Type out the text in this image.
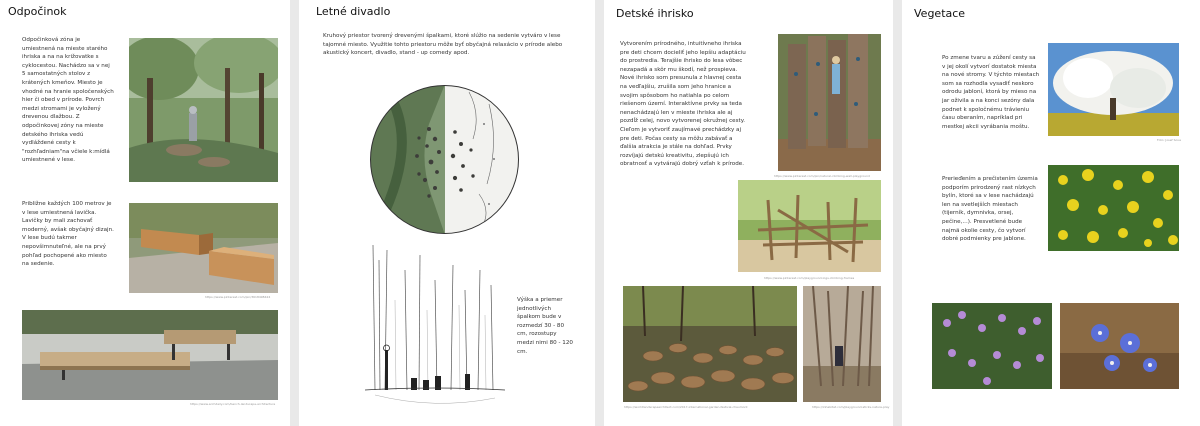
Odpočinok
Odpočinková zóna je umiestnená na mieste starého ihriska a na na križovatke s cyklocestou. Nachádzo sa v nej 5 samostatných stolov z krátených kmeňov. Miesto je vhodné na hranie spoločenských hier či obed v prírode. Povrch medzi stromami je vyložený drevenou dlažbou. Z odpočinkovej zóny na mieste detského ihriska vedú vydláždené cesty k "rozhľadniam"na včiele k:mídlá umiestnené v lese.
Približne každých 100 metrov je v lese umiestnená lavička. Lavičky by mali zachovať moderný, avšak obyčajný dizajn. V lese budú takmer nepovšimnuteľné, ale na prvý pohľad pochopené ako miesto na sedenie.
https://www.pinterest.com/pin/3618498424
https://www.archdaily.com/bench-landscape-architecture
Letné divadlo
Kruhový priestor tvorený drevenými špalkami, ktoré slúžio na sedenie vytváro v lese tajomné miesto. Využitie tohto priestoru môže byť obyčajná relaxácio v prírode alebo akustický koncert, divadlo, stand - up comedy apod.
Výška a priemer jednotlivých špalkom bude v rozmedzí 30 - 80 cm, rozostupy medzi nimi 80 - 120 cm.
Detské ihrisko
Vytvorením prírodného, intuitívneho ihriska pre deti chcem docieliť jeho lepšiu adaptáciu do prostredia. Terajšie ihrisko do lesa vôbec nezapadá a skôr mu škodí, než prospieva. Nové ihrisko som presunula z hlavnej cesta na vedľajšiu, zrušila som jeho hranice a svojim spôsobom ho natiahla po celom riešenom území. Interaktívne prvky sa teda nenachádzajú len v mieste ihriska ale aj pozdĺž celej, novo vytvorenej okružnej cesty. Cieľom je vytvoriť zaujímavé prechádzky aj pre deti. Počas cesty sa môžu zabávať a ďalšia atrakcia je stále na dohľad. Prvky rozvíjajú detskú kreativitu, zlepšujú ich obratnosť a vytvárajú dobrý vzťah k prírode.
https://www.pinterest.com/pin/natural-climbing-wall-playground
https://www.pinterest.com/playground-logs-climbing-frames
https://worldlandscapearchitect.com/2017-international-garden-festival-chaumont	https://inhabitat.com/playground-sticks-nature-play
Vegetace
Po zmene tvaru a zúžení cesty sa v jej okolí vytvorí dostatok miesta na nové stromy. V týchto miestach som sa rozhodla vysadiť neskoro odrodu jabloní, ktorá by mieso na jar oživila a na konci sezóny dala podnet k spoločnému trávieniu času oberaním, napríklad pri mestkej akcii vyrábania moštu.
Prerieďením a prečistením územia podporím prirodzený rast nízkych bylín, ktoré sa v lese nachádzajú len na svetlejších miestach (tijerník, dymnivka, orsej, pečine,...). Presvetlené bude najmä okolie cesty, čo vytvorí dobré podmienky pre jablone.
Foto: Josef Sova
